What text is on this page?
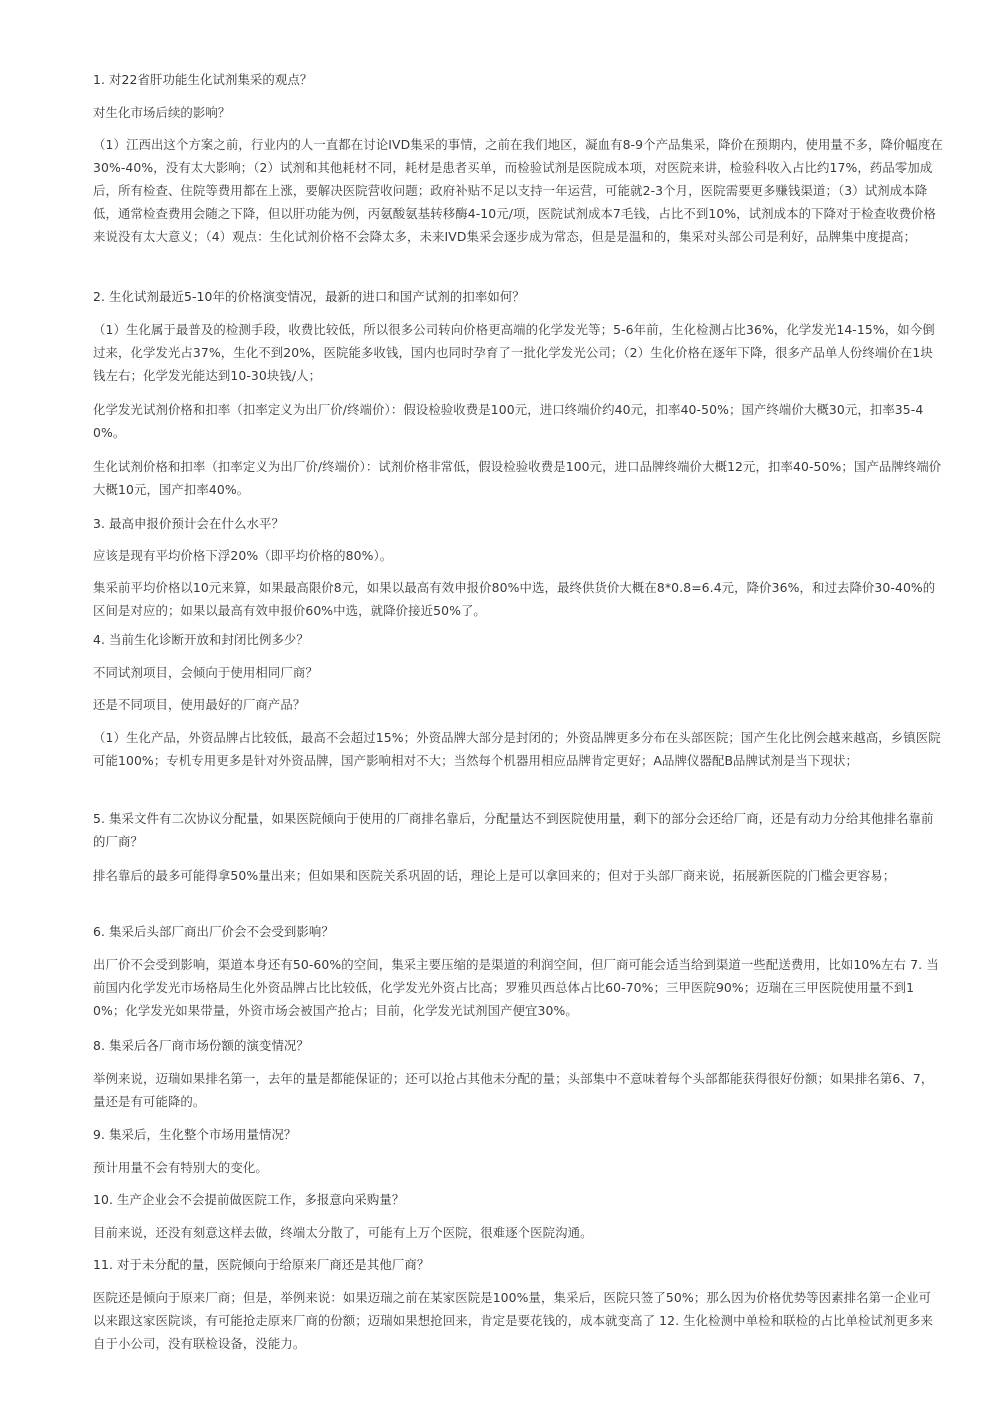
1. 对22省肝功能生化试剂集采的观点？

对生化市场后续的影响？

（1）江西出这个方案之前，行业内的人一直都在讨论IVD集采的事情，之前在我们地区，凝血有8-9个产品集采，降价在预期内，使用量不多，降价幅度在30%-40%，没有太大影响；（2）试剂和其他耗材不同，耗材是患者买单，而检验试剂是医院成本项，对医院来讲，检验科收入占比约17%，药品零加成后，所有检查、住院等费用都在上涨，要解决医院营收问题；政府补贴不足以支持一年运营，可能就2-3个月，医院需要更多赚钱渠道；（3）试剂成本降低，通常检查费用会随之下降，但以肝功能为例，丙氨酸氨基转移酶4-10元/项，医院试剂成本7毛钱，占比不到10%，试剂成本的下降对于检查收费价格来说没有太大意义；（4）观点：生化试剂价格不会降太多，未来IVD集采会逐步成为常态，但是是温和的，集采对头部公司是利好，品牌集中度提高；

2. 生化试剂最近5-10年的价格演变情况，最新的进口和国产试剂的扣率如何？

（1）生化属于最普及的检测手段，收费比较低，所以很多公司转向价格更高端的化学发光等；5-6年前，生化检测占比36%，化学发光14-15%，如今倒过来，化学发光占37%，生化不到20%，医院能多收钱，国内也同时孕育了一批化学发光公司；（2）生化价格在逐年下降，很多产品单人份终端价在1块钱左右；化学发光能达到10-30块钱/人；

化学发光试剂价格和扣率（扣率定义为出厂价/终端价）：假设检验收费是100元，进口终端价约40元，扣率40-50%；国产终端价大概30元，扣率35-40%。

生化试剂价格和扣率（扣率定义为出厂价/终端价）：试剂价格非常低，假设检验收费是100元，进口品牌终端价大概12元，扣率40-50%；国产品牌终端价大概10元，国产扣率40%。

3. 最高申报价预计会在什么水平？

应该是现有平均价格下浮20%（即平均价格的80%）。

集采前平均价格以10元来算，如果最高限价8元，如果以最高有效申报价80%中选，最终供货价大概在8*0.8=6.4元，降价36%，和过去降价30-40%的区间是对应的；如果以最高有效申报价60%中选，就降价接近50%了。

4. 当前生化诊断开放和封闭比例多少？

不同试剂项目，会倾向于使用相同厂商？

还是不同项目，使用最好的厂商产品？

（1）生化产品，外资品牌占比较低，最高不会超过15%；外资品牌大部分是封闭的；外资品牌更多分布在头部医院；国产生化比例会越来越高，乡镇医院可能100%；专机专用更多是针对外资品牌，国产影响相对不大；当然每个机器用相应品牌肯定更好；A品牌仪器配B品牌试剂是当下现状；

5. 集采文件有二次协议分配量，如果医院倾向于使用的厂商排名靠后，分配量达不到医院使用量，剩下的部分会还给厂商，还是有动力分给其他排名靠前的厂商？

排名靠后的最多可能得拿50%量出来；但如果和医院关系巩固的话，理论上是可以拿回来的；但对于头部厂商来说，拓展新医院的门槛会更容易；

6. 集采后头部厂商出厂价会不会受到影响？

出厂价不会受到影响，渠道本身还有50-60%的空间，集采主要压缩的是渠道的利润空间，但厂商可能会适当给到渠道一些配送费用，比如10%左右 7. 当前国内化学发光市场格局生化外资品牌占比比较低，化学发光外资占比高；罗雅贝西总体占比60-70%；三甲医院90%；迈瑞在三甲医院使用量不到10%；化学发光如果带量，外资市场会被国产抢占；目前，化学发光试剂国产便宜30%。

8. 集采后各厂商市场份额的演变情况？

举例来说，迈瑞如果排名第一，去年的量是都能保证的；还可以抢占其他未分配的量；头部集中不意味着每个头部都能获得很好份额；如果排名第6、7，量还是有可能降的。

9. 集采后，生化整个市场用量情况？

预计用量不会有特别大的变化。

10. 生产企业会不会提前做医院工作，多报意向采购量？

目前来说，还没有刻意这样去做，终端太分散了，可能有上万个医院，很难逐个医院沟通。

11. 对于未分配的量，医院倾向于给原来厂商还是其他厂商？

医院还是倾向于原来厂商；但是，举例来说：如果迈瑞之前在某家医院是100%量，集采后，医院只签了50%；那么因为价格优势等因素排名第一企业可以来跟这家医院谈，有可能抢走原来厂商的份额；迈瑞如果想抢回来，肯定是要花钱的，成本就变高了 12. 生化检测中单检和联检的占比单检试剂更多来自于小公司，没有联检设备，没能力。
